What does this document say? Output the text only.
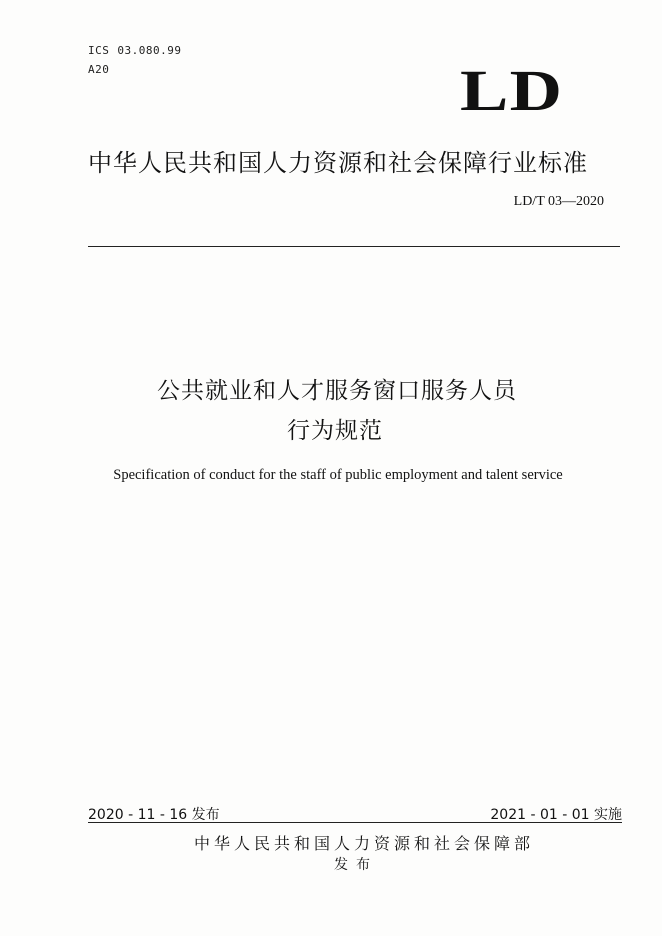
ICS 03.080.99
A20	LD
中华人民共和国人力资源和社会保障行业标准
LD/T 03—2020
公共就业和人才服务窗口服务人员
行为规范
Specification of conduct for the staff of public employment and talent service
2020 - 11 - 16 发布	2021 - 01 - 01 实施
中华人民共和国人力资源和社会保障部
发布
